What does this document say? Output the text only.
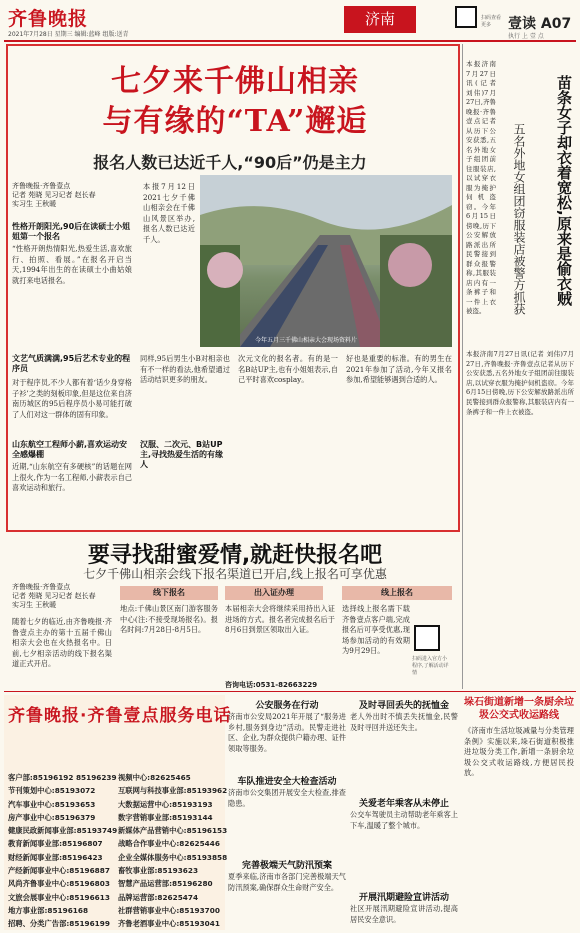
齐鲁晚报
2021年7月28日 星期三 编辑:蓝峰 组版:送青
济南	扫码查看更多	壹读 A07
执行 上 壹 点
七夕来千佛山相亲
与有缘的“TA”邂逅
报名人数已达近千人,“90后”仍是主力
今年五月三千佛山相亲大会现场资料片
齐鲁晚报·齐鲁壹点
记者 苑晓 见习记者 赵长春
实习生 王秋暖
本报7月12日 2021七夕千佛山相亲会在千佛山风景区举办,报名人数已达近千人。
性格开朗阳光,90后在读硕士小姐姐第一个报名
“性格开朗热情阳光,热爱生活,喜欢旅行、拍照、看展。”在报名开启当天,1994年出生的在读硕士小曲姑娘就打来电话报名。
文艺气质满满,95后艺术专业的程序员
对于程序员,不少人都有着‘话少身穿格子衫’之类的刻板印象,但是这位来自济南历城区的95后程序员小易可能打破了人们对这一群体的固有印象。
山东航空工程师小薪,喜欢运动安全感爆棚
近期,“山东航空有多硬核”的话题在网上很火,作为一名工程师,小薪表示自己喜欢运动和旅行。
汉服、二次元、B站UP主,寻找热爱生活的有缘人
同样,95后男生小B对相亲也有不一样的看法,他希望通过活动结识更多的朋友。
次元文化的报名者。有的是一名B站UP主,也有小姐姐表示,自己平时喜欢cosplay。
好也是重要的标准。有的男生在2021年参加了活动,今年又报名参加,希望能够遇到合适的人。
要寻找甜蜜爱情,就赶快报名吧
七夕千佛山相亲会线下报名渠道已开启,线上报名可享优惠
齐鲁晚报·齐鲁壹点
记者 苑晓 见习记者 赵长春
实习生 王秋暖
随着七夕的临近,由齐鲁晚报·齐鲁壹点主办的第十五届千佛山相亲大会也在火热报名中。日前,七夕相亲活动的线下报名渠道正式开启。
线下报名
地点:千佛山景区南门游客服务中心(注:不接受现场报名)。报名时间:7月28日-8月5日。
出入证办理
本届相亲大会将继续采用持出入证进场的方式。报名者完成报名后于8月6日到景区领取出入证。
咨询电话:0531-82663229
线上报名
选择线上报名需下载齐鲁壹点客户端,完成报名后可享受优惠,现场参加活动的有效期为9月29日。
扫码进入官方小程序,了解活动详情
苗条女子却衣着宽松,原来是偷衣贼
五名外地女组团窃服装店被警方抓获
本报济南7月27日讯(记者 刘伟)7月27日,齐鲁晚报·齐鲁壹点记者从历下公安获悉,五名外地女子组团前往服装店,以试穿衣服为掩护伺机盗窃。今年6月15日傍晚,历下公安解放路派出所民警接到群众报警称,其服装店内有一条裤子和一件上衣被盗。
本报济南7月27日讯(记者 刘伟)7月27日,齐鲁晚报·齐鲁壹点记者从历下公安获悉,五名外地女子组团前往服装店,以试穿衣服为掩护伺机盗窃。今年6月15日傍晚,历下公安解放路派出所民警接到群众报警称,其服装店内有一条裤子和一件上衣被盗。
齐鲁晚报·齐鲁壹点服务电话
客户部:85196192 85196239
节刊策划中心:85193072
汽车事业中心:85193653
房产事业中心:85196379
健康民政新闻事业部:85193749
教育新闻事业部:85196807
财经新闻事业部:85196423
产经新闻事业中心:85196887
风尚齐鲁事业中心:85196803
文旅会展事业中心:85196613
地方事业部:85196168
招聘、分类广告部:85196199
视频中心:82625465
互联网与科技事业部:85193962
大数据运营中心:85193193
数字营销事业部:85193144
新媒体产品营销中心:85196153
战略合作事业中心:82625446
企业全媒体服务中心:85193858
畜牧事业部:85193623
智慧产品运营部:85196280
品牌运营部:82625474
社群营销事业中心:85193700
齐鲁老酒事业中心:85193041
公安服务在行动
济南市公安局2021年开展了“服务进乡村,服务到身边”活动。民警走进社区、企业,为群众提供户籍办理、证件领取等服务。
车队推进安全大检查活动
济南市公交集团开展安全大检查,排查隐患。
完善极端天气防汛预案
夏季来临,济南市各部门完善极端天气防汛预案,确保群众生命财产安全。
及时寻回丢失的抚恤金
老人外出时不慎丢失抚恤金,民警及时寻回并送还失主。
关爱老年乘客从未停止
公交车驾驶员主动帮助老年乘客上下车,温暖了整个城市。
开展汛期避险宣讲活动
社区开展汛期避险宣讲活动,提高居民安全意识。
垛石街道新增一条厨余垃圾公交式收运路线
《济南市生活垃圾减量与分类管理条例》实施以来,垛石街道积极推进垃圾分类工作,新增一条厨余垃圾公交式收运路线,方便居民投放。
